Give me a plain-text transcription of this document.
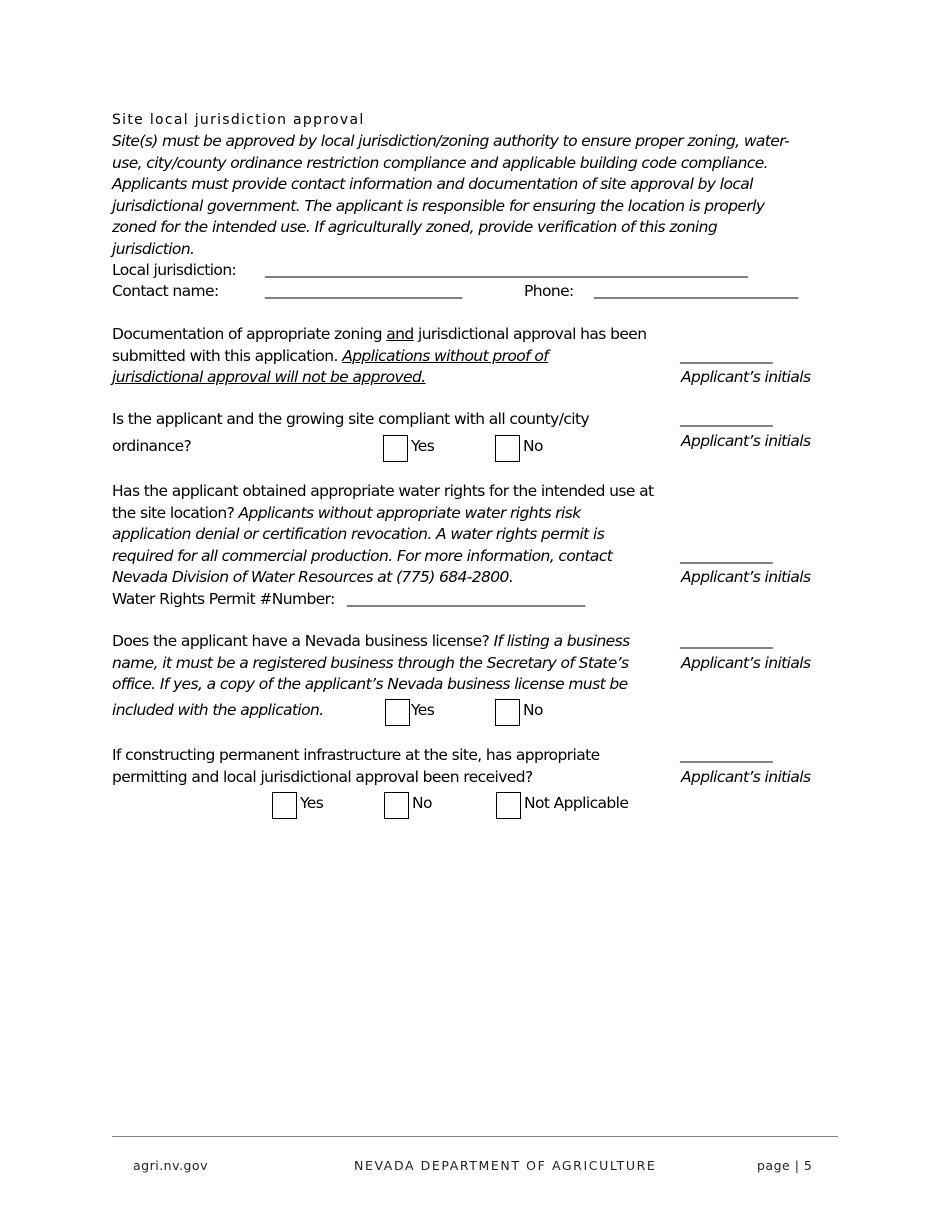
Site local jurisdiction approval
Site(s) must be approved by local jurisdiction/zoning authority to ensure proper zoning, water-
use, city/county ordinance restriction compliance and applicable building code compliance.
Applicants must provide contact information and documentation of site approval by local
jurisdictional government. The applicant is responsible for ensuring the location is properly
zoned for the intended use. If agriculturally zoned, provide verification of this zoning
jurisdiction.
Local jurisdiction: _______________________________________________________________________
Contact name:	_____________________________	Phone: ______________________________
Documentation of appropriate zoning and jurisdictional approval has been
submitted with this application. Applications without proof of
jurisdictional approval will not be approved.
______________
Applicant’s initials
Is the applicant and the growing site compliant with all county/city
ordinance?	Yes	No
______________
Applicant’s initials
Has the applicant obtained appropriate water rights for the intended use at
the site location? Applicants without appropriate water rights risk
application denial or certification revocation. A water rights permit is
required for all commercial production. For more information, contact
Nevada Division of Water Resources at (775) 684-2800.
Water Rights Permit #Number: ___________________________________
______________
Applicant’s initials
Does the applicant have a Nevada business license? If listing a business
name, it must be a registered business through the Secretary of State’s
office. If yes, a copy of the applicant’s Nevada business license must be
included with the application.	Yes	No
______________
Applicant’s initials
If constructing permanent infrastructure at the site, has appropriate
permitting and local jurisdictional approval been received?
Yes	No	Not Applicable
______________
Applicant’s initials
agri.nv.gov	NEVADA DEPARTMENT OF AGRICULTURE	page | 5
